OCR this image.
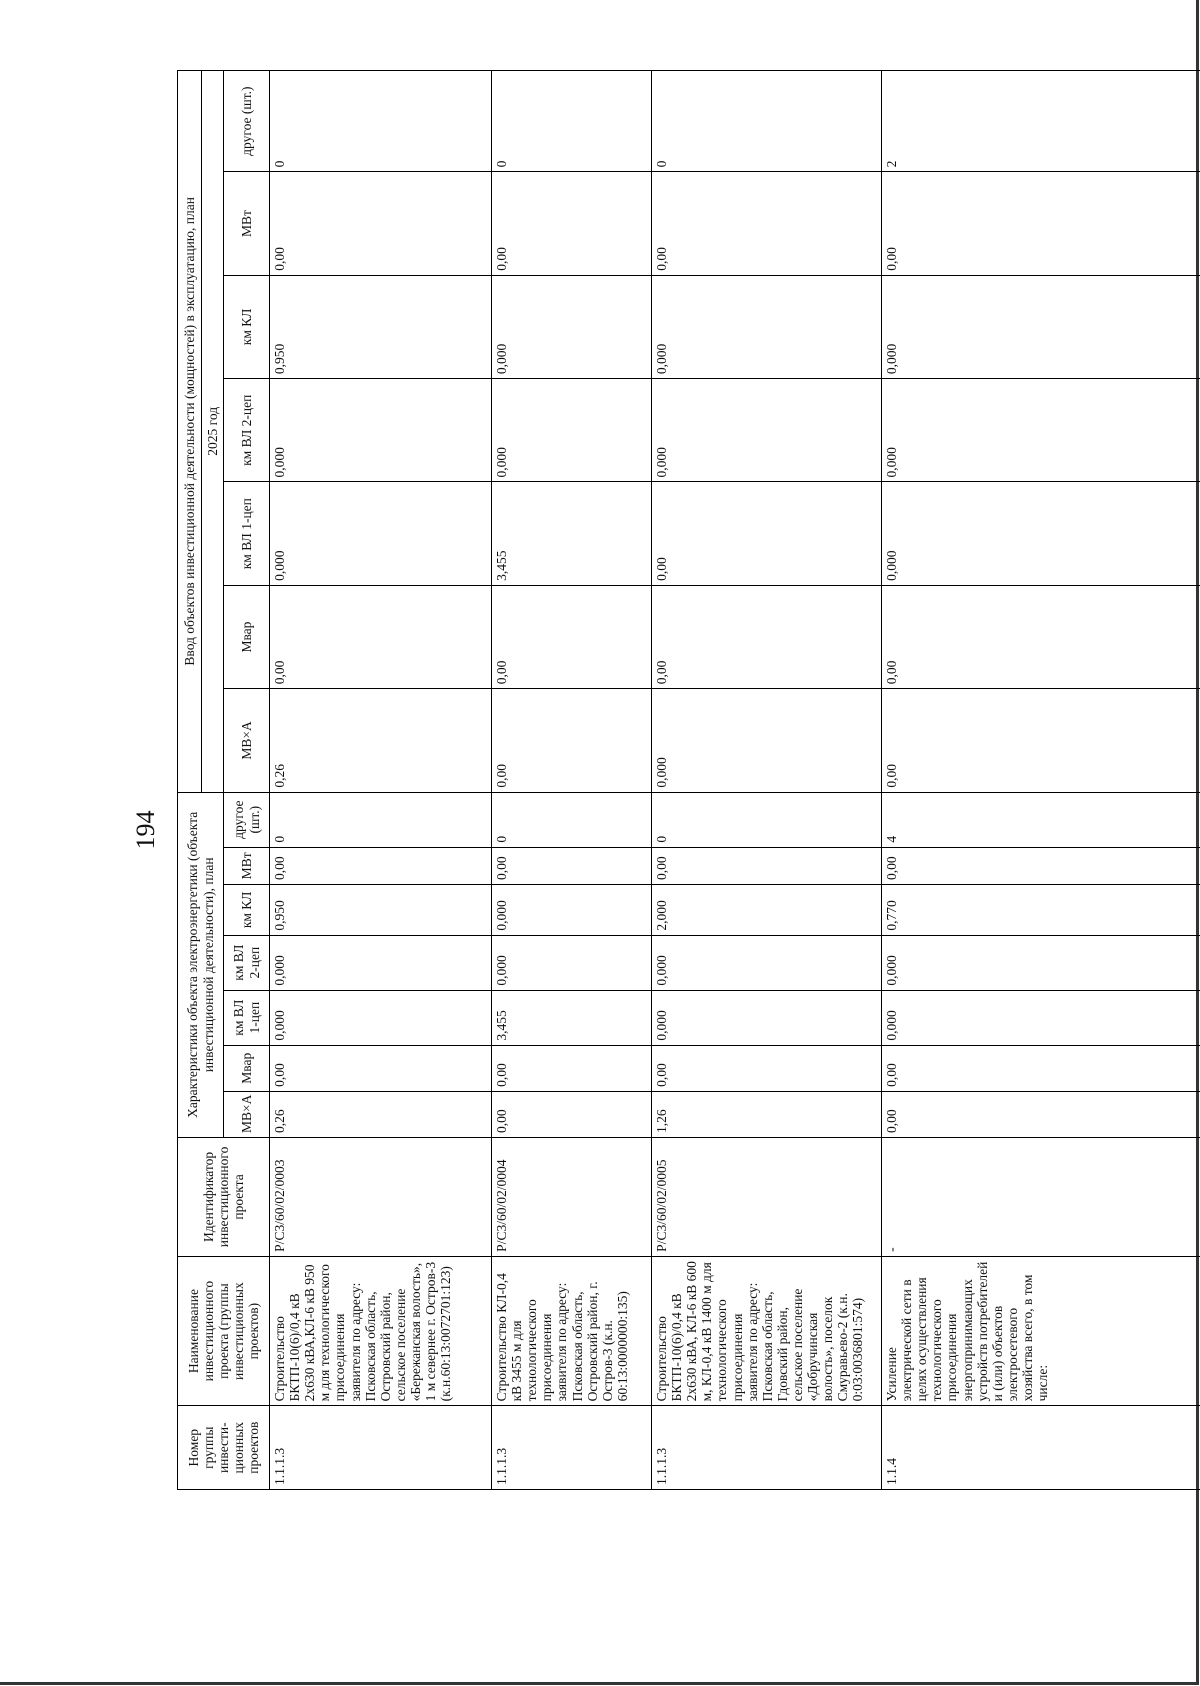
194
Номер группы инвести-ционных проектов	Наименование инвестиционного проекта (группы инвестиционных проектов)	Идентификатор инвестиционного проекта	Характеристики объекта электроэнергетики (объекта инвестиционной деятельности), план							Ввод объектов инвестиционной деятельности (мощностей) в эксплуатацию, план						
										2025 год						
			МВ×А	Мвар	км ВЛ 1-цеп	км ВЛ 2-цеп	км КЛ	МВт	другое (шт.)	МВ×А	Мвар	км ВЛ 1-цеп	км ВЛ 2-цеп	км КЛ	МВт	другое (шт.)
1.1.1.3	Строительство БКТП-10(6)/0,4 кВ 2х630 кВА,КЛ-6 кВ 950 м для технологического присоединения заявителя по адресу: Псковская область, Островский район, сельское поселение «Бережанская волость», 1 м севернее г. Остров-3 (к.н.60:13:0072701:123)	P/C3/60/02/0003	0,26	0,00	0,000	0,000	0,950	0,00	0	0,26	0,00	0,000	0,000	0,950	0,00	0
1.1.1.3	Строительство КЛ-0,4 кВ 3455 м для технологического присоединения заявителя по адресу: Псковская область, Островский район, г. Остров-3 (к.н. 60:13:0000000:135)	P/C3/60/02/0004	0,00	0,00	3,455	0,000	0,000	0,00	0	0,00	0,00	3,455	0,000	0,000	0,00	0
1.1.1.3	Строительство БКТП-10(6)/0,4 кВ 2х630 кВА, КЛ-6 кВ 600 м, КЛ-0,4 кВ 1400 м для технологического присоединения заявителя по адресу: Псковская область, Гдовский район, сельское поселение «Добручинская волость», поселок Смуравьево-2 (к.н. 0:03:0036801:574)	P/C3/60/02/0005	1,26	0,00	0,000	0,000	2,000	0,00	0	0,000	0,00	0,00	0,000	0,000	0,00	0
1.1.4	Усиление электрической сети в целях осуществления технологического присоединения энергопринимающих устройств потребителей и (или) объектов электросетевого хозяйства всего, в том числе:	-	0,00	0,00	0,000	0,000	0,770	0,00	4	0,00	0,00	0,000	0,000	0,000	0,00	2
